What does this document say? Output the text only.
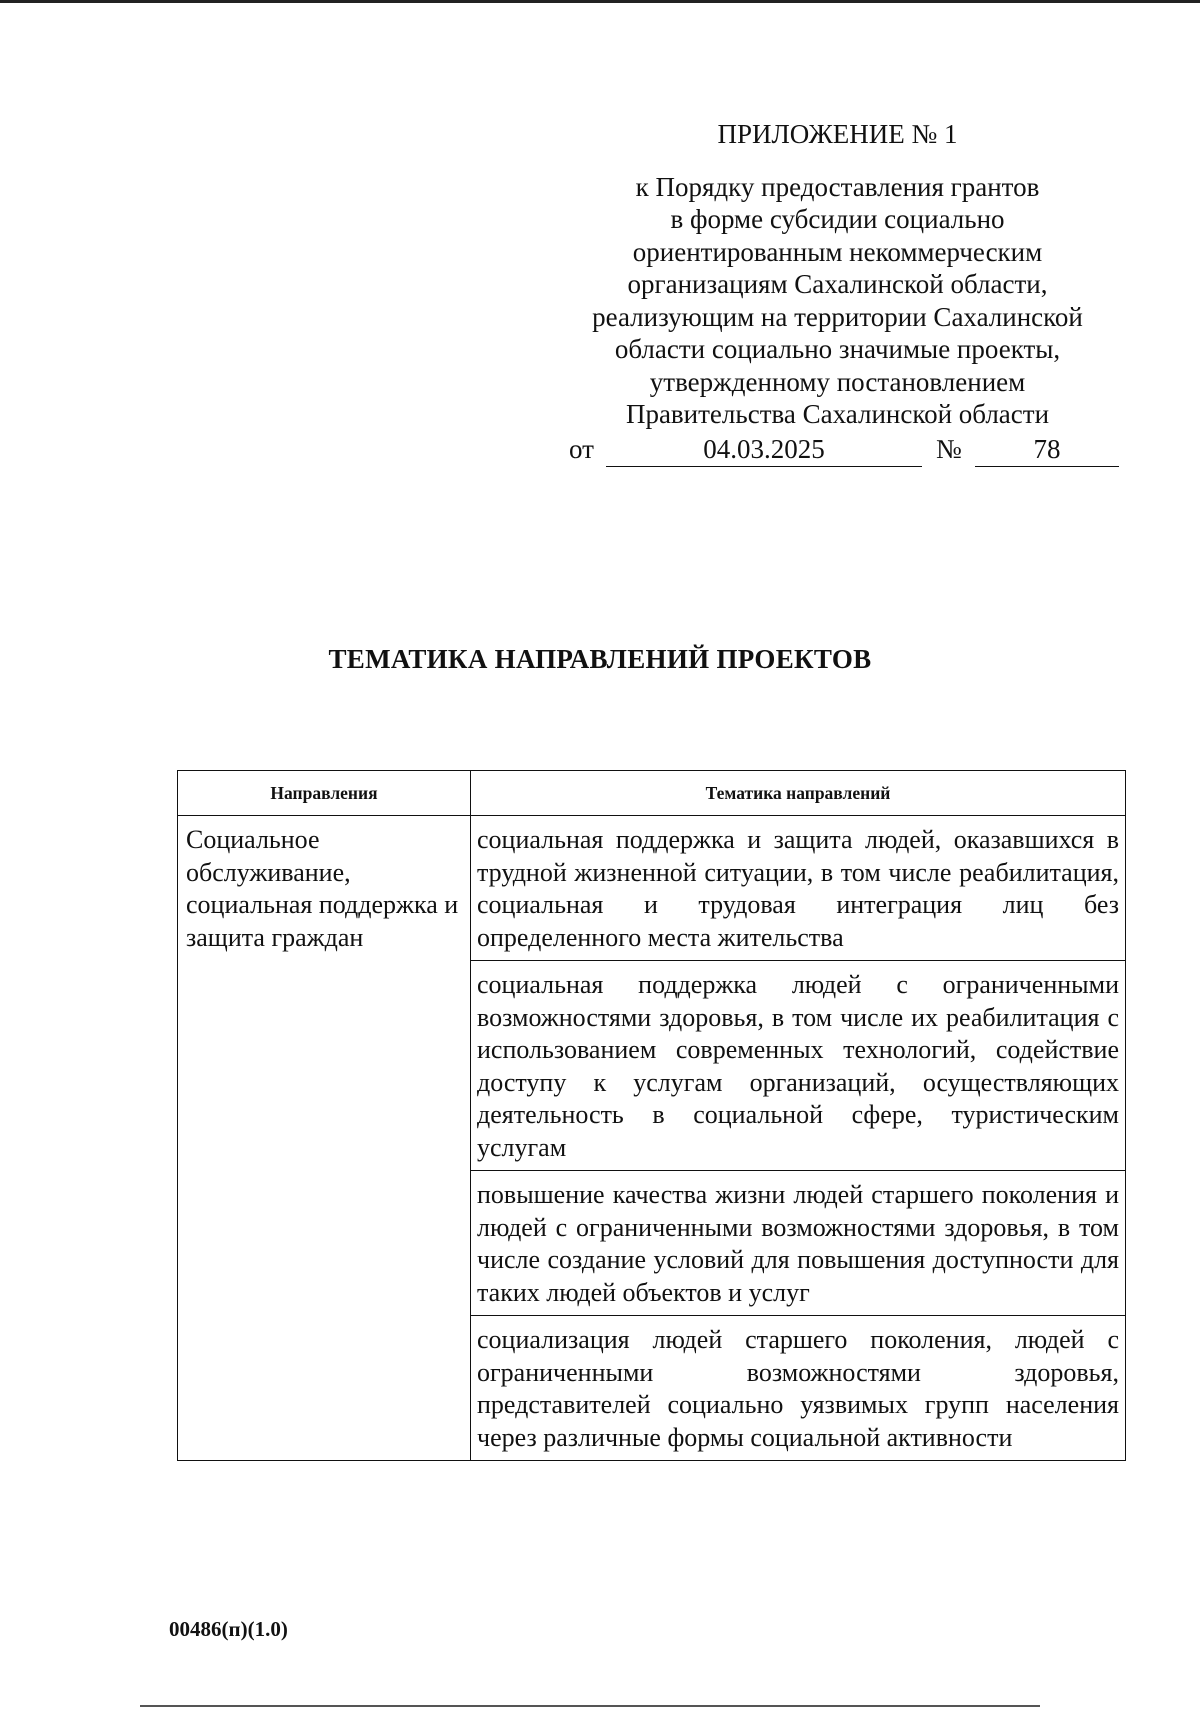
ПРИЛОЖЕНИЕ № 1
к Порядку предоставления грантов
в форме субсидии социально
ориентированным некоммерческим
организациям Сахалинской области,
реализующим на территории Сахалинской
области социально значимые проекты,
утвержденному постановлением
Правительства Сахалинской области
от	04.03.2025	№	78
ТЕМАТИКА НАПРАВЛЕНИЙ ПРОЕКТОВ
Направления	Тематика направлений
Социальное обслуживание, социальная поддержка и защита граждан	социальная поддержка и защита людей, оказавшихся в трудной жизненной ситуации, в том числе реабилитация, социальная и трудовая интеграция лиц без определенного места жительства
	социальная поддержка людей с ограниченными возможностями здоровья, в том числе их реабилитация с использованием современных технологий, содействие доступу к услугам организаций, осуществляющих деятельность в социальной сфере, туристическим услугам
	повышение качества жизни людей старшего поколения и людей с ограниченными возможностями здоровья, в том числе создание условий для повышения доступности для таких людей объектов и услуг
	социализация людей старшего поколения, людей с ограниченными возможностями здоровья, представителей социально уязвимых групп населения через различные формы социальной активности
00486(п)(1.0)
